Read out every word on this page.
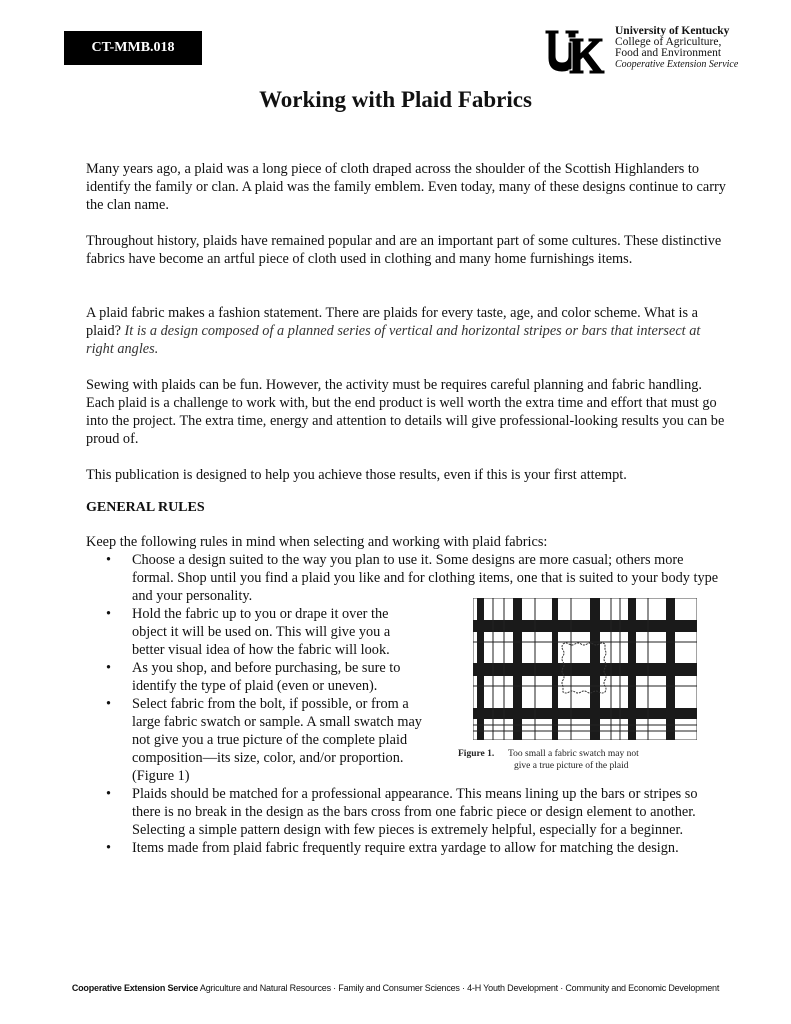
CT-MMB.018
University of Kentucky
College of Agriculture,
Food and Environment
Cooperative Extension Service
Working with Plaid Fabrics

Many years ago, a plaid was a long piece of cloth draped across the shoulder of the Scottish Highlanders to identify the family or clan. A plaid was the family emblem. Even today, many of these designs continue to carry the clan name.

Throughout history, plaids have remained popular and are an important part of some cultures. These distinctive fabrics have become an artful piece of cloth used in clothing and many home furnishings items.

A plaid fabric makes a fashion statement. There are plaids for every taste, age, and color scheme. What is a plaid? It is a design composed of a planned series of vertical and horizontal stripes or bars that intersect at right angles.

Sewing with plaids can be fun. However, the activity must be requires careful planning and fabric handling. Each plaid is a challenge to work with, but the end product is well worth the extra time and effort that must go into the project. The extra time, energy and attention to details will give professional-looking results you can be proud of.

This publication is designed to help you achieve those results, even if this is your first attempt.

GENERAL RULES

Keep the following rules in mind when selecting and working with plaid fabrics:

• Choose a design suited to the way you plan to use it. Some designs are more casual; others more formal. Shop until you find a plaid you like and for clothing items, one that is suited to your body type and your personality.
• Hold the fabric up to you or drape it over the object it will be used on. This will give you a better visual idea of how the fabric will look.
• As you shop, and before purchasing, be sure to identify the type of plaid (even or uneven).
• Select fabric from the bolt, if possible, or from a large fabric swatch or sample. A small swatch may not give you a true picture of the complete plaid composition—its size, color, and/or proportion. (Figure 1)
• Plaids should be matched for a professional appearance. This means lining up the bars or stripes so there is no break in the design as the bars cross from one fabric piece or design element to another. Selecting a simple pattern design with few pieces is extremely helpful, especially for a beginner.
• Items made from plaid fabric frequently require extra yardage to allow for matching the design.
Figure 1. Too small a fabric swatch may not
give a true picture of the plaid
Cooperative Extension Service Agriculture and Natural Resources · Family and Consumer Sciences · 4-H Youth Development · Community and Economic Development
